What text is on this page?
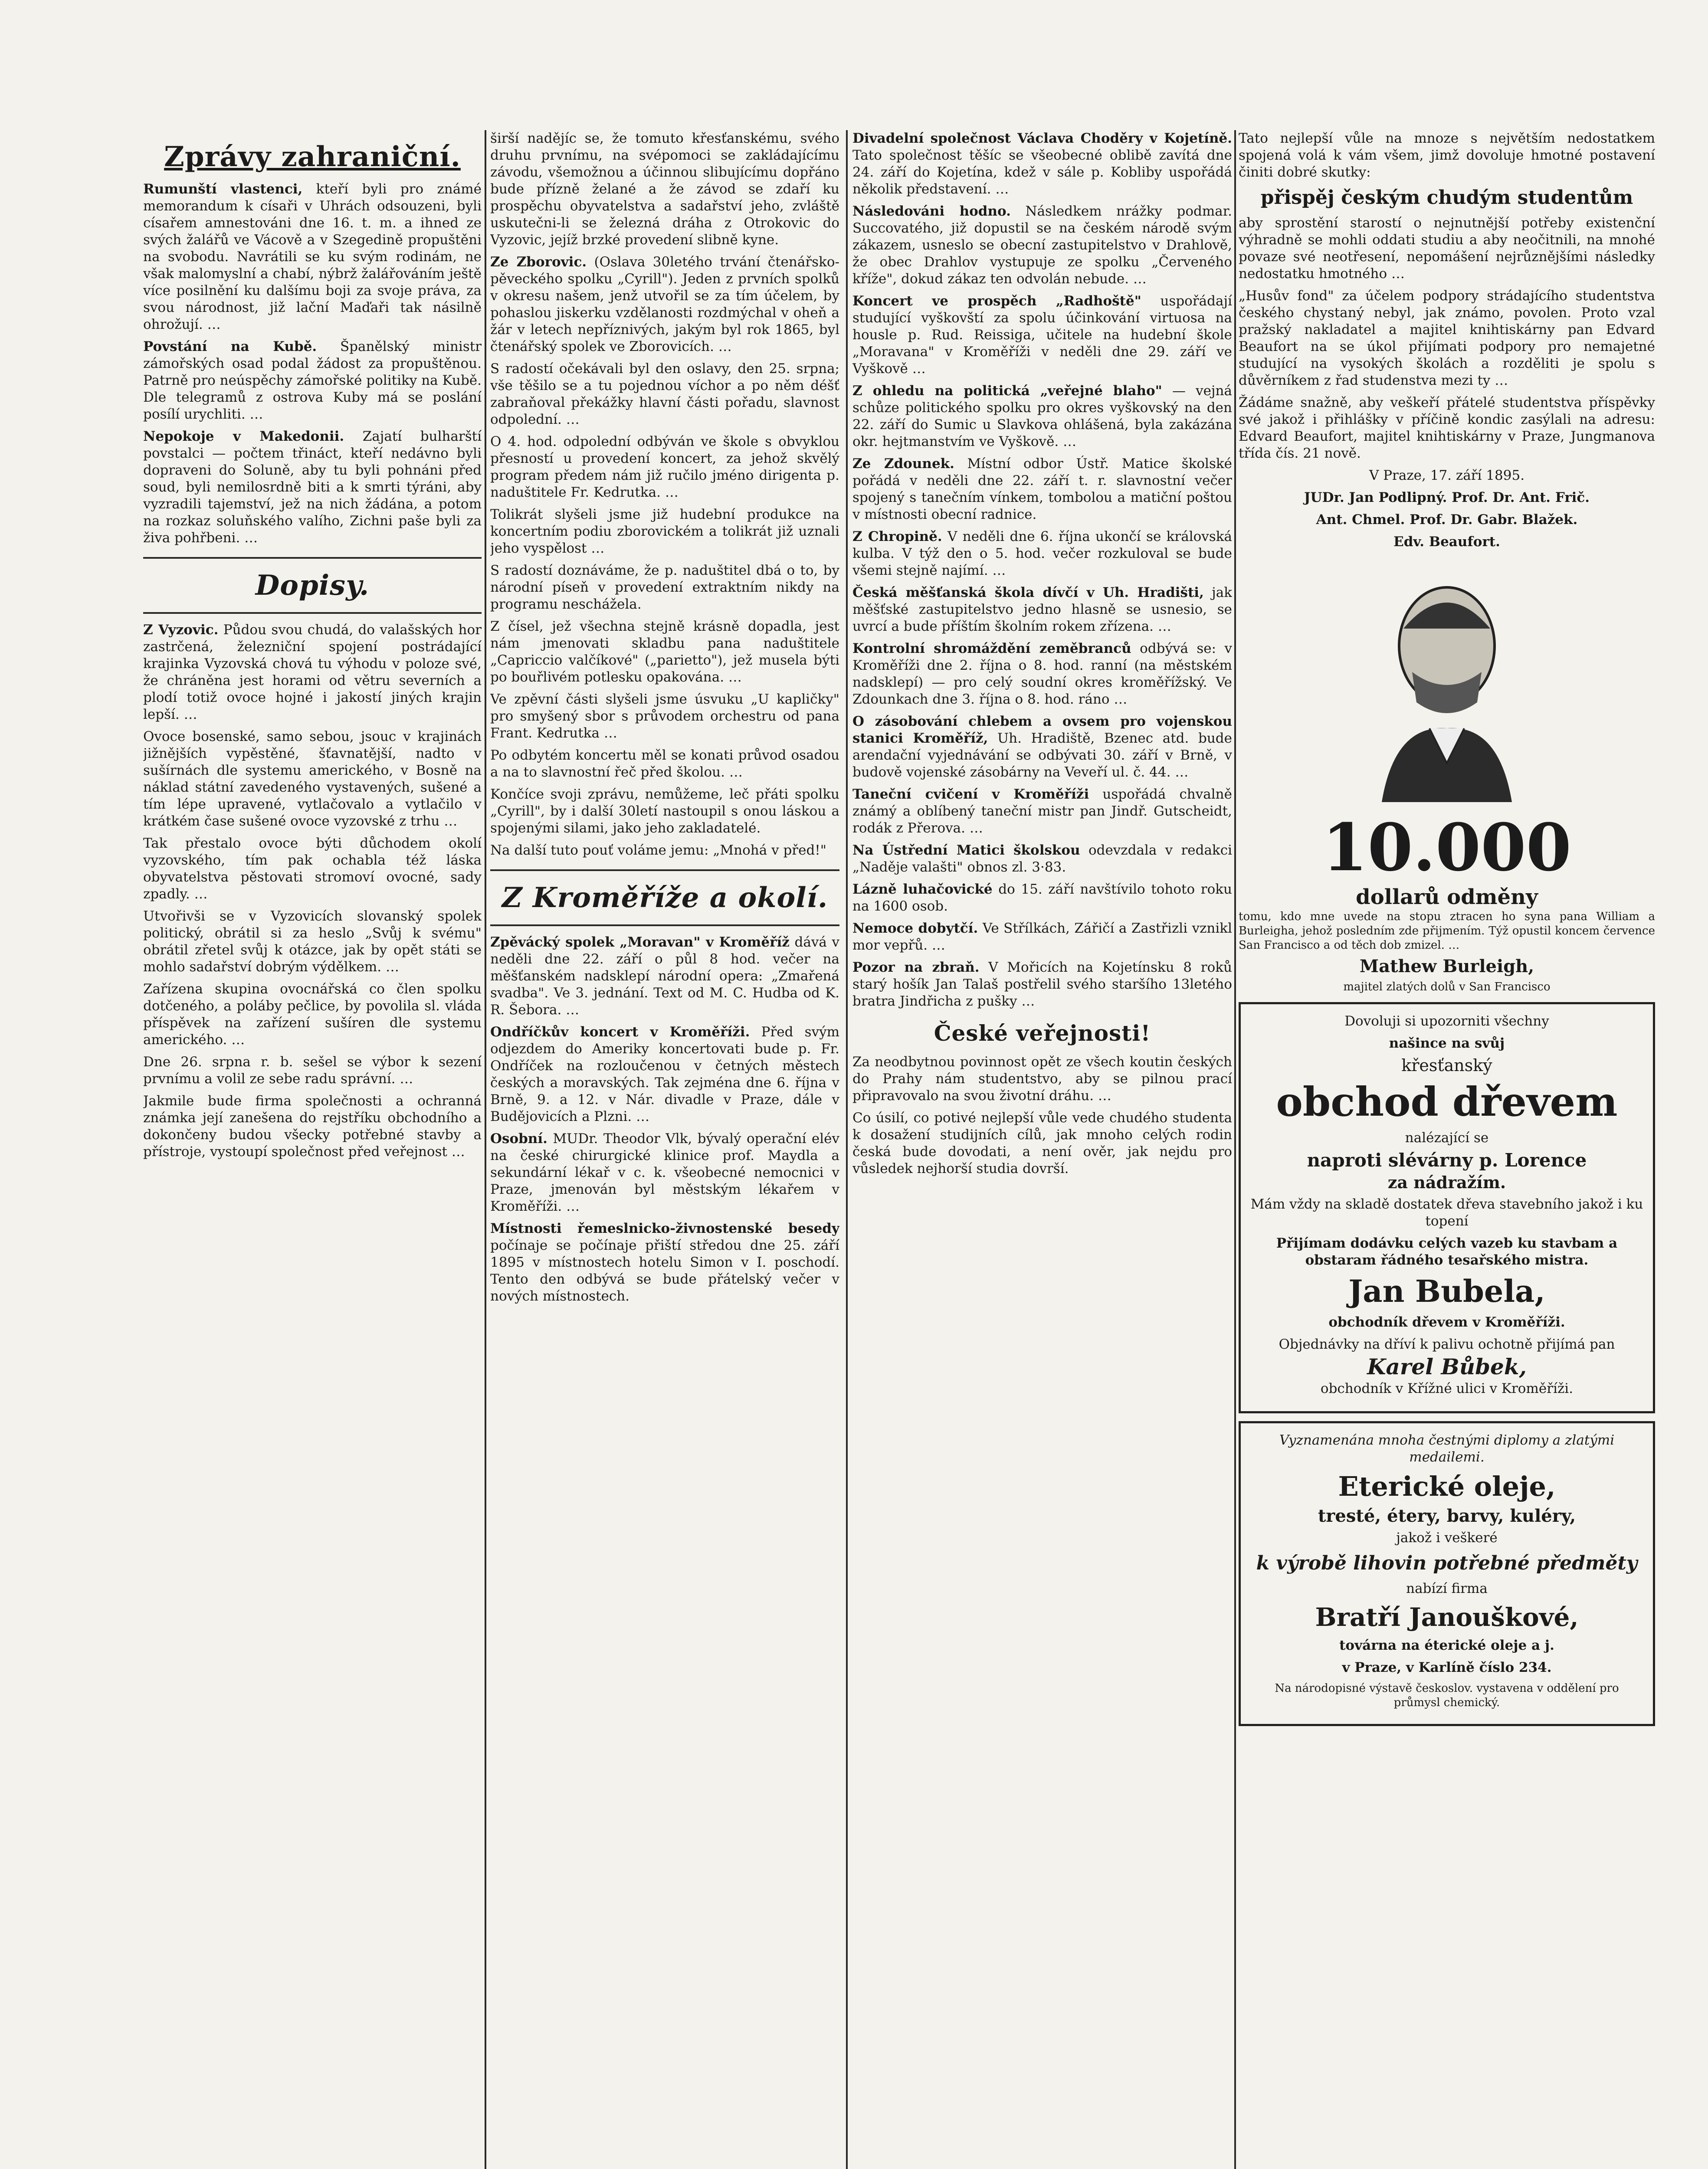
Zprávy zahraniční.

Rumunští vlastenci, kteří byli pro známé memorandum k císaři v Uhrách odsouzeni, byli císařem amnestováni dne 16. t. m. a ihned ze svých žalářů ve Vácově a v Szegedině propuštěni na svobodu. Navrátili se ku svým rodinám, ne však malomyslní a chabí, nýbrž žalářováním ještě více posilnění ku dalšímu boji za svoje práva, za svou národnost, již lační Maďaři tak násilně ohrožují. …

Povstání na Kubě. Španělský ministr zámořských osad podal žádost za propuštěnou. Patrně pro neúspěchy zámořské politiky na Kubě. Dle telegramů z ostrova Kuby má se poslání posílí urychliti. …

Nepokoje v Makedonii. Zajatí bulharští povstalci — počtem třináct, kteří nedávno byli dopraveni do Soluně, aby tu byli pohnáni před soud, byli nemilosrdně biti a k smrti týráni, aby vyzradili tajemství, jež na nich žádána, a potom na rozkaz soluňského valího, Zichni paše byli za živa pohřbeni. …

Dopisy.

Z Vyzovic. Půdou svou chudá, do valašských hor zastrčená, železniční spojení postrádající krajinka Vyzovská chová tu výhodu v poloze své, že chráněna jest horami od větru severních a plodí totiž ovoce hojné i jakostí jiných krajin lepší. …

Ovoce bosenské, samo sebou, jsouc v krajinách jižnějších vypěstěné, šťavnatější, nadto v sušírnách dle systemu amerického, v Bosně na náklad státní zavedeného vystavených, sušené a tím lépe upravené, vytlačovalo a vytlačilo v krátkém čase sušené ovoce vyzovské z trhu …

Tak přestalo ovoce býti důchodem okolí vyzovského, tím pak ochabla též láska obyvatelstva pěstovati stromoví ovocné, sady zpadly. …

Utvořivši se v Vyzovicích slovanský spolek politický, obrátil si za heslo „Svůj k svému" obrátil zřetel svůj k otázce, jak by opět státi se mohlo sadařství dobrým výdělkem. …

Zařízena skupina ovocnářská co člen spolku dotčeného, a poláby pečlice, by povolila sl. vláda příspěvek na zařízení sušíren dle systemu amerického. …

Dne 26. srpna r. b. sešel se výbor k sezení prvnímu a volil ze sebe radu správní. …

Jakmile bude firma společnosti a ochranná známka její zanešena do rejstříku obchodního a dokončeny budou všecky potřebné stavby a přístroje, vystoupí společnost před veřejnost …

širší nadějíc se, že tomuto křesťanskému, svého druhu prvnímu, na svépomoci se zakládajícímu závodu, všemožnou a účinnou slibujícímu dopřáno bude přízně želané a že závod se zdaří ku prospěchu obyvatelstva a sadařství jeho, zvláště uskutečni-li se železná dráha z Otrokovic do Vyzovic, jejíž brzké provedení slibně kyne.

Ze Zborovic. (Oslava 30letého trvání čtenářsko-pěveckého spolku „Cyrill"). Jeden z prvních spolků v okresu našem, jenž utvořil se za tím účelem, by pohaslou jiskerku vzdělanosti rozdmýchal v oheň a žár v letech nepříznivých, jakým byl rok 1865, byl čtenářský spolek ve Zborovicích. …

S radostí očekávali byl den oslavy, den 25. srpna; vše těšilo se a tu pojednou víchor a po něm déšť zabraňoval překážky hlavní části pořadu, slavnost odpolední. …

O 4. hod. odpolední odbýván ve škole s obvyklou přesností u provedení koncert, za jehož skvělý program předem nám již ručilo jméno dirigenta p. naduštitele Fr. Kedrutka. …

Tolikrát slyšeli jsme již hudební produkce na koncertním podiu zborovickém a tolikrát již uznali jeho vyspělost …

S radostí doznáváme, že p. naduštitel dbá o to, by národní píseň v provedení extraktním nikdy na programu neschážela.

Z čísel, jež všechna stejně krásně dopadla, jest nám jmenovati skladbu pana naduštitele „Capriccio valčíkové" („parietto"), jež musela býti po bouřlivém potlesku opakována. …

Ve zpěvní části slyšeli jsme úsvuku „U kapličky" pro smyšený sbor s průvodem orchestru od pana Frant. Kedrutka …

Po odbytém koncertu měl se konati průvod osadou a na to slavnostní řeč před školou. …

Končíce svoji zprávu, nemůžeme, leč přáti spolku „Cyrill", by i další 30letí nastoupil s onou láskou a spojenými silami, jako jeho zakladatelé.

Na další tuto pouť voláme jemu: „Mnohá v před!"

Z Kroměříže a okolí.

Zpěvácký spolek „Moravan" v Kroměříž dává v neděli dne 22. září o půl 8 hod. večer na měšťanském nadsklepí národní opera: „Zmařená svadba". Ve 3. jednání. Text od M. C. Hudba od K. R. Šebora. …

Ondříčkův koncert v Kroměříži. Před svým odjezdem do Ameriky koncertovati bude p. Fr. Ondříček na rozloučenou v četných městech českých a moravských. Tak zejména dne 6. října v Brně, 9. a 12. v Nár. divadle v Praze, dále v Budějovicích a Plzni. …

Osobní. MUDr. Theodor Vlk, bývalý operační elév na české chirurgické klinice prof. Maydla a sekundární lékař v c. k. všeobecné nemocnici v Praze, jmenován byl městským lékařem v Kroměříži. …

Místnosti řemeslnicko-živnostenské besedy počínaje se počínaje přiští středou dne 25. září 1895 v místnostech hotelu Simon v I. poschodí. Tento den odbývá se bude přátelský večer v nových místnostech.

Divadelní společnost Václava Choděry v Kojetíně. Tato společnost těšíc se všeobecné oblibě zavítá dne 24. září do Kojetína, kdež v sále p. Kobliby uspořádá několik představení. …

Následováni hodno. Následkem nrážky podmar. Succovatého, již dopustil se na českém národě svým zákazem, usneslo se obecní zastupitelstvo v Drahlově, že obec Drahlov vystupuje ze spolku „Červeného kříže", dokud zákaz ten odvolán nebude. …

Koncert ve prospěch „Radhoště" uspořádají studující vyškovští za spolu účinkování virtuosa na housle p. Rud. Reissiga, učitele na hudební škole „Moravana" v Kroměříži v neděli dne 29. září ve Vyškově …

Z ohledu na politická „veřejné blaho" — vejná schůze politického spolku pro okres vyškovský na den 22. září do Sumic u Slavkova ohlášená, byla zakázána okr. hejtmanstvím ve Vyškově. …

Ze Zdounek. Místní odbor Ústř. Matice školské pořádá v neděli dne 22. září t. r. slavnostní večer spojený s tanečním vínkem, tombolou a matiční poštou v místnosti obecní radnice.

Z Chropině. V neděli dne 6. října ukončí se královská kulba. V týž den o 5. hod. večer rozkuloval se bude všemi stejně najímí. …

Česká měšťanská škola dívčí v Uh. Hradišti, jak měšťské zastupitelstvo jedno hlasně se usnesio, se uvrcí a bude příštím školním rokem zřízena. …

Kontrolní shromáždění zeměbranců odbývá se: v Kroměříži dne 2. října o 8. hod. ranní (na městském nadsklepí) — pro celý soudní okres kroměřížský. Ve Zdounkach dne 3. října o 8. hod. ráno …

O zásobování chlebem a ovsem pro vojenskou stanici Kroměříž, Uh. Hradiště, Bzenec atd. bude arendační vyjednávání se odbývati 30. září v Brně, v budově vojenské zásobárny na Veveří ul. č. 44. …

Taneční cvičení v Kroměříži uspořádá chvalně známý a oblíbený taneční mistr pan Jindř. Gutscheidt, rodák z Přerova. …

Na Ústřední Matici školskou odevzdala v redakci „Naděje valašti" obnos zl. 3·83.

Lázně luhačovické do 15. září navštívilo tohoto roku na 1600 osob.

Nemoce dobytčí. Ve Střílkách, Zářičí a Zastřizli vznikl mor vepřů. …

Pozor na zbraň. V Mořicích na Kojetínsku 8 roků starý hošík Jan Talaš postřelil svého staršího 13letého bratra Jindřicha z pušky …

České veřejnosti!

Za neodbytnou povinnost opět ze všech koutin českých do Prahy nám studentstvo, aby se pilnou prací připravovalo na svou životní dráhu. …

Co úsilí, co potivé nejlepší vůle vede chudého studenta k dosažení studijních cílů, jak mnoho celých rodin česká bude dovodati, a není ověr, jak nejdu pro vůsledek nejhorší studia dovrší.

Tato nejlepší vůle na mnoze s největším nedostatkem spojená volá k vám všem, jimž dovoluje hmotné postavení činiti dobré skutky:

přispěj českým chudým studentům

aby sprostění starostí o nejnutnější potřeby existenční výhradně se mohli oddati studiu a aby neočitnili, na mnohé povaze své neotřesení, nepomášení nejrůznějšími následky nedostatku hmotného …

„Husův fond" za účelem podpory strádajícího studentstva českého chystaný nebyl, jak známo, povolen. Proto vzal pražský nakladatel a majitel knihtiskárny pan Edvard Beaufort na se úkol přijímati podpory pro nemajetné studující na vysokých školách a rozděliti je spolu s důvěrníkem z řad studenstva mezi ty …

Žádáme snažně, aby veškeří přátelé studentstva příspěvky své jakož i přihlášky v příčině kondic zasýlali na adresu: Edvard Beaufort, majitel knihtiskárny v Praze, Jungmanova třída čís. 21 nově.

V Praze, 17. září 1895.

JUDr. Jan Podlipný. Prof. Dr. Ant. Frič.

Ant. Chmel. Prof. Dr. Gabr. Blažek.

Edv. Beaufort.

10.000
dollarů odměny

tomu, kdo mne uvede na stopu ztracen ho syna pana William a Burleigha, jehož posledním zde přijmením. Týž opustil koncem července San Francisco a od těch dob zmizel. …

Mathew Burleigh,

majitel zlatých dolů v San Francisco

Dovoluji si upozorniti všechny

našince na svůj

křesťanský

obchod dřevem

nalézající se

naproti slévárny p. Lorence

za nádražím.

Mám vždy na skladě dostatek dřeva stavebního jakož i ku topení

Přijímam dodávku celých vazeb ku stavbam a obstaram řádného tesařského mistra.

Jan Bubela,

obchodník dřevem v Kroměříži.

Objednávky na dříví k palivu ochotně přijímá pan

Karel Bůbek,

obchodník v Křížné ulici v Kroměříži.

Vyznamenána mnoha čestnými diplomy a zlatými medailemi.

Eterické oleje,

tresté, étery, barvy, kuléry,

jakož i veškeré

k výrobě lihovin potřebné předměty

nabízí firma

Bratří Janouškové,

továrna na éterické oleje a j.

v Praze, v Karlíně číslo 234.

Na národopisné výstavě českoslov. vystavena v oddělení pro průmysl chemický.
